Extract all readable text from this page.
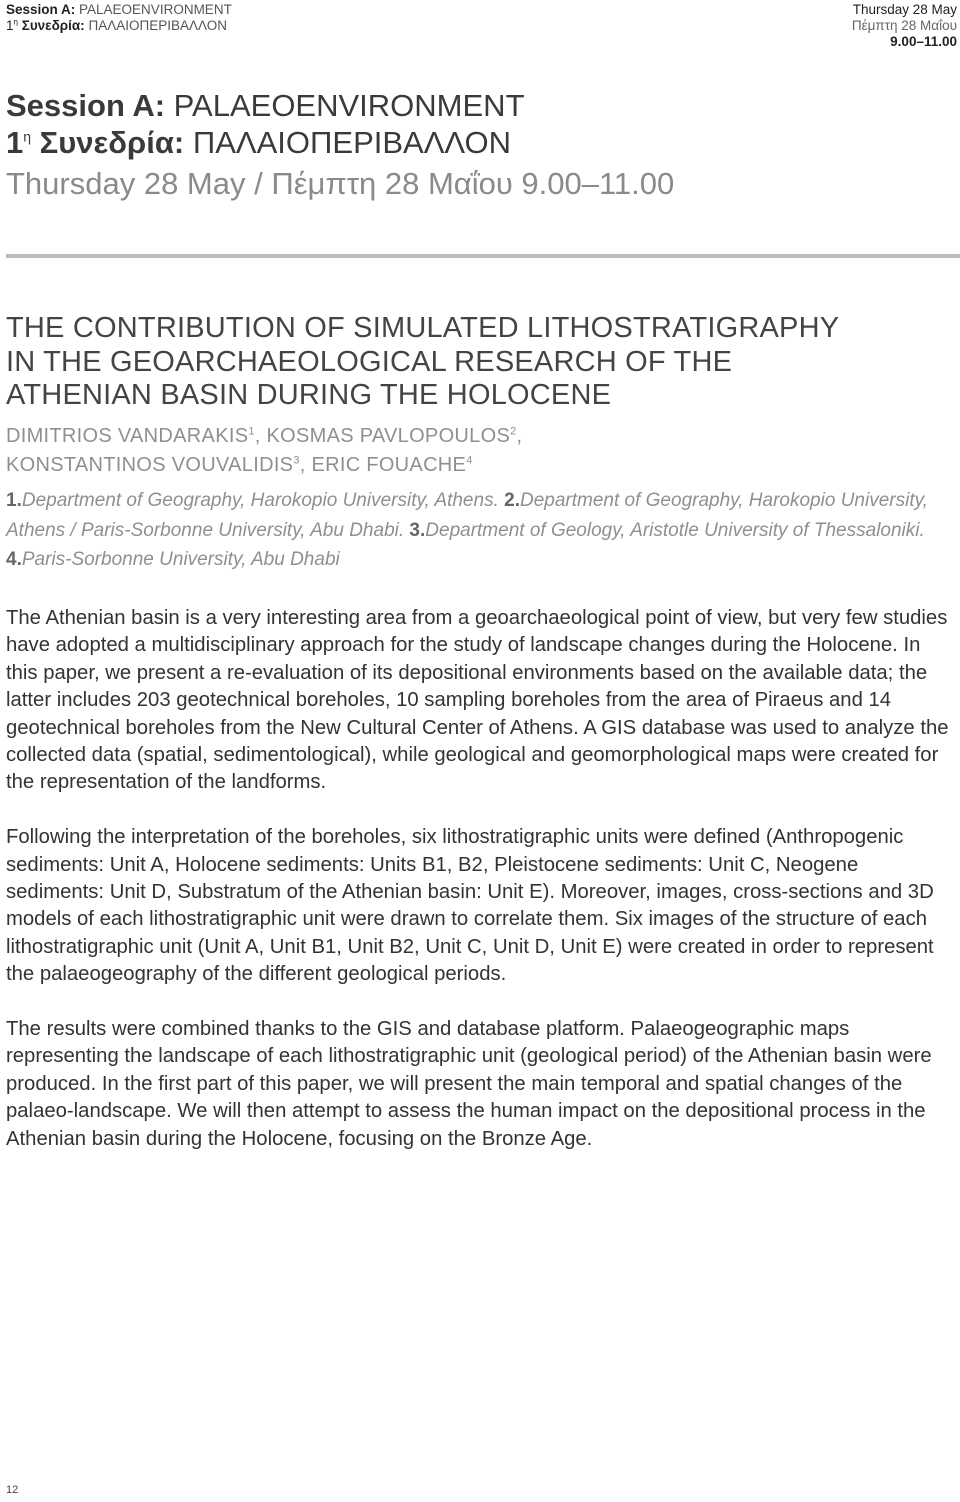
Session A: PALAEOENVIRONMENT
$1^\eta$ Συνεδρία: ΠΑΛΑΙΟΠΕΡΙΒΑΛΛΟΝ
Thursday 28 May
Πέμπτη 28 Μαΐου
9.00–11.00
Session A: PALAEOENVIRONMENT
$1^\eta$ Συνεδρία: ΠΑΛΑΙΟΠΕΡΙΒΑΛΛΟΝ
Thursday 28 May / Πέμπτη 28 Μαΐου 9.00–11.00
THE CONTRIBUTION OF SIMULATED LITHOSTRATIGRAPHY
IN THE GEOARCHAEOLOGICAL RESEARCH OF THE
ATHENIAN BASIN DURING THE HOLOCENE
DIMITRIOS VANDARAKIS$^1$, KOSMAS PAVLOPOULOS$^2$,
KONSTANTINOS VOUVALIDIS$^3$, ERIC FOUACHE$^4$
1.Department of Geography, Harokopio University, Athens. 2.Department of Geography, Harokopio University, Athens / Paris-Sorbonne University, Abu Dhabi. 3.Department of Geology, Aristotle University of Thessaloniki. 4.Paris-Sorbonne University, Abu Dhabi

The Athenian basin is a very interesting area from a geoarchaeological point of view, but very few studies have adopted a multidisciplinary approach for the study of landscape changes during the Holocene. In this paper, we present a re-evaluation of its depositional environments based on the available data; the latter includes 203 geotechnical boreholes, 10 sampling boreholes from the area of Piraeus and 14 geotechnical boreholes from the New Cultural Center of Athens. A GIS database was used to analyze the collected data (spatial, sedimentological), while geological and geomorphological maps were created for the representation of the landforms.

Following the interpretation of the boreholes, six lithostratigraphic units were defined (Anthropogenic sediments: Unit A, Holocene sediments: Units B1, B2, Pleistocene sediments: Unit C, Neogene sediments: Unit D, Substratum of the Athenian basin: Unit E). Moreover, images, cross-sections and 3D models of each lithostratigraphic unit were drawn to correlate them. Six images of the structure of each lithostratigraphic unit (Unit A, Unit B1, Unit B2, Unit C, Unit D, Unit E) were created in order to represent the palaeogeography of the different geological periods.

The results were combined thanks to the GIS and database platform. Palaeogeographic maps representing the landscape of each lithostratigraphic unit (geological period) of the Athenian basin were produced. In the first part of this paper, we will present the main temporal and spatial changes of the palaeo-landscape. We will then attempt to assess the human impact on the depositional process in the Athenian basin during the Holocene, focusing on the Bronze Age.

12
